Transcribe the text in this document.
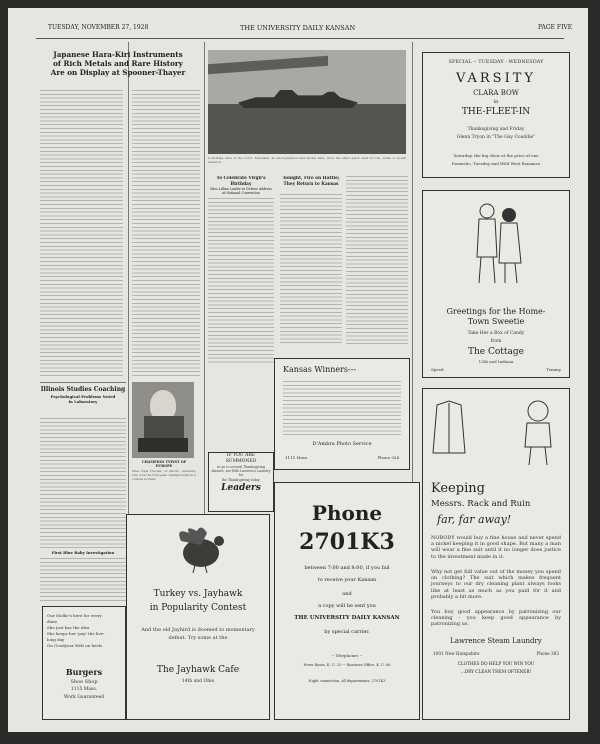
TUESDAY, NOVEMBER 27, 1928	THE UNIVERSITY DAILY KANSAN	PAGE FIVE
Japanese Hara-Kiri Instruments
of Rich Metals and Rare History
Are on Display at Spooner-Thayer
Illinois Studies Coaching
Psychological Problems Noted
in Laboratory
First Blue Baby Investigation
Our Mollie's here for every
dime
She just has the idea
She keeps her 'pep' the live-
long day
On Goodyear Welt on heels
Burgers
Shoe Shop
1115 Mass.
Work Guaranteed
CHAMPION TYPIST OF
EUROPE
Miss Olga Fischer, of Berlin, Germany, who won the European championship in a contest in Paris.
Turkey vs. Jayhawk
in Popularity Contest
And the old Jayhird is doomed to momentary
defeat. Try some at the
The Jayhawk Cafe
14th and Ohio
A striking view of the U.S.S. Maryland, as photographed and shown here, from the ship's pack used for the cruise to South America.
To Celebrate Virgil's Birthday
Miss Lillian Lawler to Deliver Address at National Convention
Tonight, Fire on Hattie;
They Return to Kansas
IF YOU ARE
SUMMONED
to go to several Thanksgiving
dinners, see Bills Lawrence Laundry for
the Thanksgiving today.
Leaders
Kansas Winners---
D'Ambra Photo Service
1115 Mass.	Phone 934
Phone
2701K3
between 7:00 and 8:00, if you fail
to receive your Kansan
and
a copy will be sent you
THE UNIVERSITY DAILY KANSAN
by special carrier.
-- Telephones --
News Room, K. U. 25 --- Business Office, K. U. 66
Night connection, all departments, 2701K3
SPECIAL -- TUESDAY - WEDNESDAY
VARSITY
CLARA BOW
in
THE-FLEET-IN
Thanksgiving and Friday
Glenn Tryon in "The Gay Coaddie"
Saturday, the big show at the price of one
Domestic, Tuesday and Wild West Romance
Greetings for the Home-
Town Sweetie
Take Her a Box of Candy
from
The Cottage
13th and Indiana
Speed	Tommy
Keeping
Messrs. Rack and Ruin
far, far away!
NOBODY would buy a fine house and never spend a nickel keeping it in good shape. But many a man will wear a fine suit until it no longer does justice to the investment made in it.
Why not get full value out of the money you spend on clothing? The suit which makes frequent journeys to our dry cleaning plant always looks like at least as much as you paid for it and probably a bit more.
You buy good appearance by patronizing our cleaning - you keep good appearance by patronizing us.
Lawrence Steam Laundry
1001 New Hampshire	Phone 383
CLOTHES DO HELP YOU WIN YOU
...DRY CLEAN THEM OFTENER!
